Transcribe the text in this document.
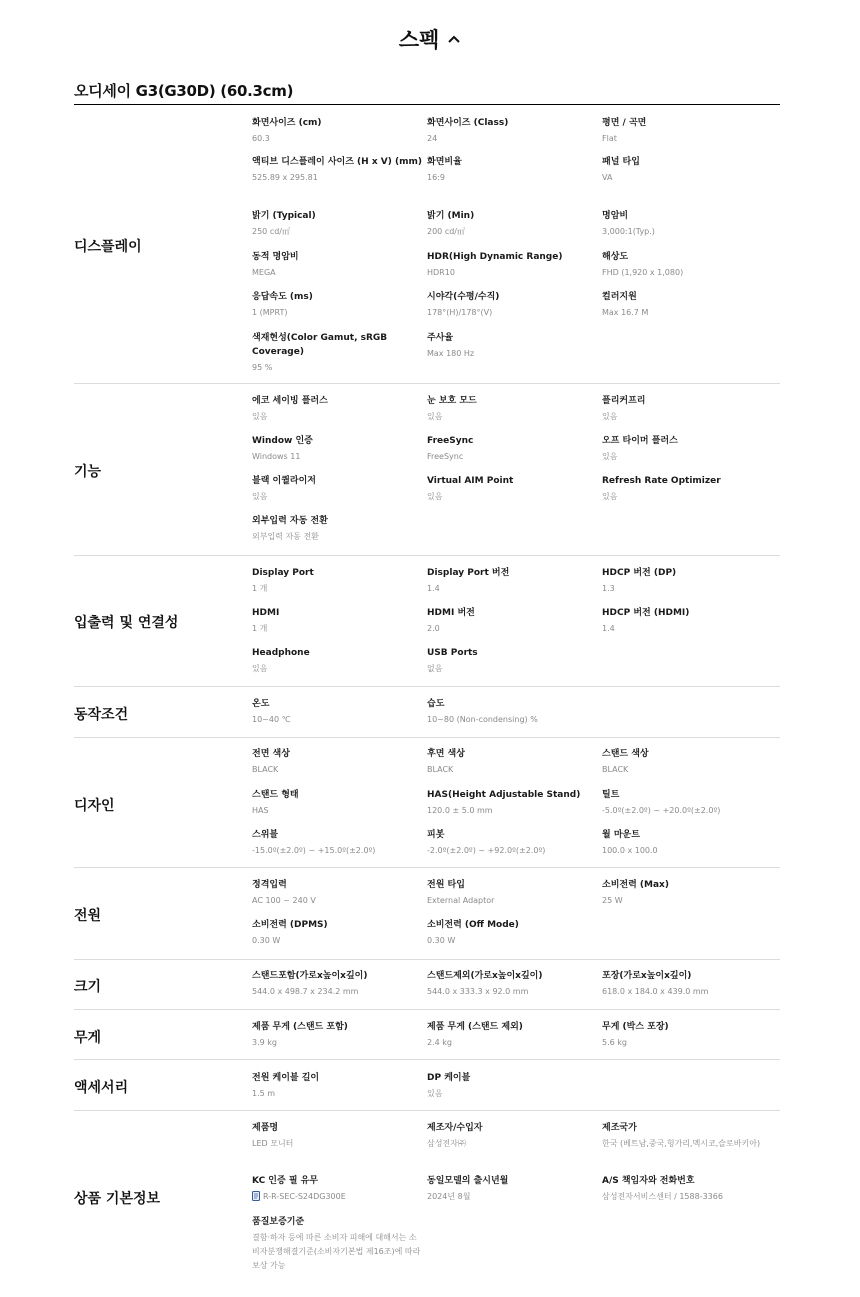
스펙
오디세이 G3(G30D) (60.3cm)
디스플레이
화면사이즈 (cm)
60.3
화면사이즈 (Class)
24
평면 / 곡면
Flat
액티브 디스플레이 사이즈 (H x V) (mm)
525.89 x 295.81
화면비율
16:9
패널 타입
VA
밝기 (Typical)
250 cd/㎡
밝기 (Min)
200 cd/㎡
명암비
3,000:1(Typ.)
동적 명암비
MEGA
HDR(High Dynamic Range)
HDR10
해상도
FHD (1,920 x 1,080)
응답속도 (ms)
1 (MPRT)
시야각(수평/수직)
178°(H)/178°(V)
컬러지원
Max 16.7 M
색재현성(Color Gamut, sRGB Coverage)
95 %
주사율
Max 180 Hz
기능
에코 세이빙 플러스
있음
눈 보호 모드
있음
플리커프리
있음
Window 인증
Windows 11
FreeSync
FreeSync
오프 타이머 플러스
있음
블랙 이퀄라이저
있음
Virtual AIM Point
있음
Refresh Rate Optimizer
있음
외부입력 자동 전환
외부입력 자동 전환
입출력 및 연결성
Display Port
1 개
Display Port 버전
1.4
HDCP 버전 (DP)
1.3
HDMI
1 개
HDMI 버전
2.0
HDCP 버전 (HDMI)
1.4
Headphone
있음
USB Ports
없음
동작조건
온도
10~40 ℃
습도
10~80 (Non-condensing) %
디자인
전면 색상
BLACK
후면 색상
BLACK
스탠드 색상
BLACK
스탠드 형태
HAS
HAS(Height Adjustable Stand)
120.0 ± 5.0 mm
틸트
-5.0º(±2.0º) ~ +20.0º(±2.0º)
스위블
-15.0º(±2.0º) ~ +15.0º(±2.0º)
피봇
-2.0º(±2.0º) ~ +92.0º(±2.0º)
월 마운트
100.0 x 100.0
전원
정격입력
AC 100 ~ 240 V
전원 타입
External Adaptor
소비전력 (Max)
25 W
소비전력 (DPMS)
0.30 W
소비전력 (Off Mode)
0.30 W
크기
스탠드포함(가로x높이x깊이)
544.0 x 498.7 x 234.2 mm
스탠드제외(가로x높이x깊이)
544.0 x 333.3 x 92.0 mm
포장(가로x높이x깊이)
618.0 x 184.0 x 439.0 mm
무게
제품 무게 (스탠드 포함)
3.9 kg
제품 무게 (스탠드 제외)
2.4 kg
무게 (박스 포장)
5.6 kg
액세서리
전원 케이블 길이
1.5 m
DP 케이블
있음
상품 기본정보
제품명
LED 모니터
제조자/수입자
삼성전자㈜
제조국가
한국 (베트남,중국,헝가리,멕시코,슬로바키아)
KC 인증 필 유무
R-R-SEC-S24DG300E
동일모델의 출시년월
2024년 8월
A/S 책임자와 전화번호
삼성전자서비스센터 / 1588-3366
품질보증기준
결함·하자 등에 따른 소비자 피해에 대해서는 소비자분쟁해결기준(소비자기본법 제16조)에 따라 보상 가능
